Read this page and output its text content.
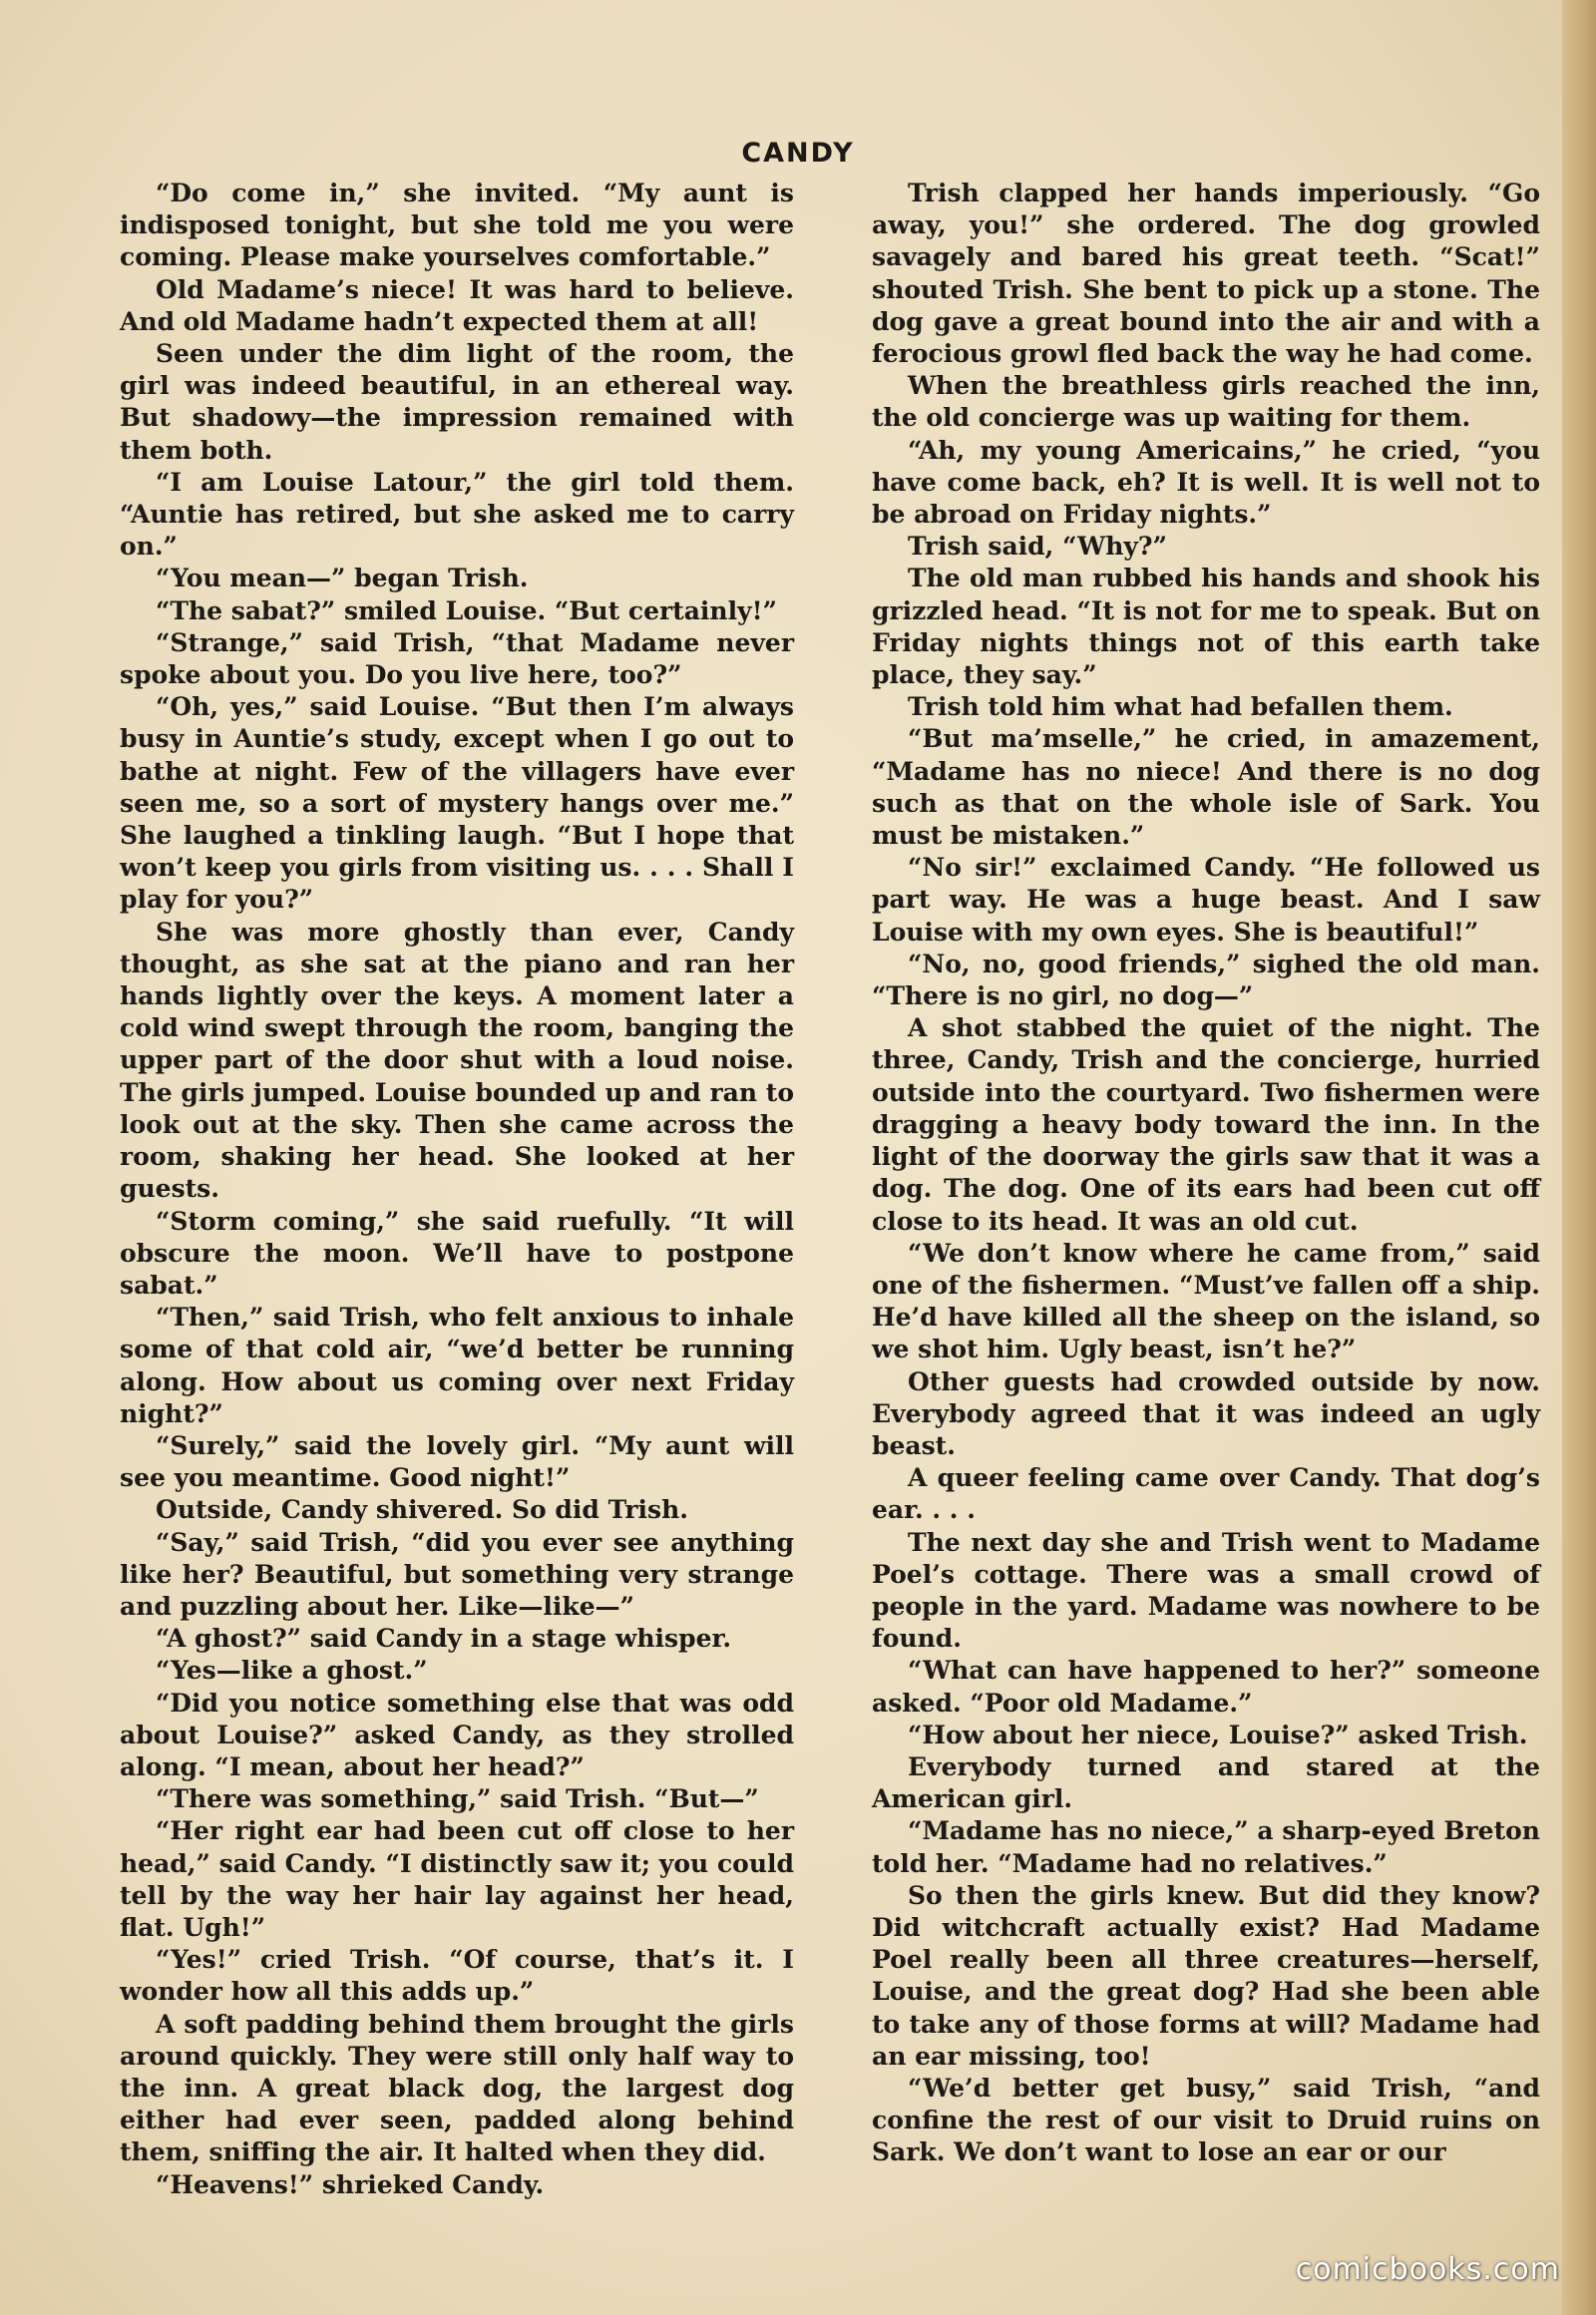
CANDY

“Do come in,” she invited. “My aunt is indisposed tonight, but she told me you were coming. Please make yourselves comfortable.”

Old Madame’s niece! It was hard to believe. And old Madame hadn’t expected them at all!

Seen under the dim light of the room, the girl was indeed beautiful, in an ethereal way. But shadowy—the impression remained with them both.

“I am Louise Latour,” the girl told them. “Auntie has retired, but she asked me to carry on.”

“You mean—” began Trish.

“The sabat?” smiled Louise. “But certainly!”

“Strange,” said Trish, “that Madame never spoke about you. Do you live here, too?”

“Oh, yes,” said Louise. “But then I’m always busy in Auntie’s study, except when I go out to bathe at night. Few of the villagers have ever seen me, so a sort of mystery hangs over me.” She laughed a tinkling laugh. “But I hope that won’t keep you girls from visiting us. . . . Shall I play for you?”

She was more ghostly than ever, Candy thought, as she sat at the piano and ran her hands lightly over the keys. A moment later a cold wind swept through the room, banging the upper part of the door shut with a loud noise. The girls jumped. Louise bounded up and ran to look out at the sky. Then she came across the room, shaking her head. She looked at her guests.

“Storm coming,” she said ruefully. “It will obscure the moon. We’ll have to postpone sabat.”

“Then,” said Trish, who felt anxious to inhale some of that cold air, “we’d better be running along. How about us coming over next Friday night?”

“Surely,” said the lovely girl. “My aunt will see you meantime. Good night!”

Outside, Candy shivered. So did Trish.

“Say,” said Trish, “did you ever see anything like her? Beautiful, but something very strange and puzzling about her. Like—like—”

“A ghost?” said Candy in a stage whisper.

“Yes—like a ghost.”

“Did you notice something else that was odd about Louise?” asked Candy, as they strolled along. “I mean, about her head?”

“There was something,” said Trish. “But—”

“Her right ear had been cut off close to her head,” said Candy. “I distinctly saw it; you could tell by the way her hair lay against her head, flat. Ugh!”

“Yes!” cried Trish. “Of course, that’s it. I wonder how all this adds up.”

A soft padding behind them brought the girls around quickly. They were still only half way to the inn. A great black dog, the largest dog either had ever seen, padded along behind them, sniffing the air. It halted when they did.

“Heavens!” shrieked Candy.

Trish clapped her hands imperiously. “Go away, you!” she ordered. The dog growled savagely and bared his great teeth. “Scat!” shouted Trish. She bent to pick up a stone. The dog gave a great bound into the air and with a ferocious growl fled back the way he had come.

When the breathless girls reached the inn, the old concierge was up waiting for them.

“Ah, my young Americains,” he cried, “you have come back, eh? It is well. It is well not to be abroad on Friday nights.”

Trish said, “Why?”

The old man rubbed his hands and shook his grizzled head. “It is not for me to speak. But on Friday nights things not of this earth take place, they say.”

Trish told him what had befallen them.

“But ma’mselle,” he cried, in amazement, “Madame has no niece! And there is no dog such as that on the whole isle of Sark. You must be mistaken.”

“No sir!” exclaimed Candy. “He followed us part way. He was a huge beast. And I saw Louise with my own eyes. She is beautiful!”

“No, no, good friends,” sighed the old man. “There is no girl, no dog—”

A shot stabbed the quiet of the night. The three, Candy, Trish and the concierge, hurried outside into the courtyard. Two fishermen were dragging a heavy body toward the inn. In the light of the doorway the girls saw that it was a dog. The dog. One of its ears had been cut off close to its head. It was an old cut.

“We don’t know where he came from,” said one of the fishermen. “Must’ve fallen off a ship. He’d have killed all the sheep on the island, so we shot him. Ugly beast, isn’t he?”

Other guests had crowded outside by now. Everybody agreed that it was indeed an ugly beast.

A queer feeling came over Candy. That dog’s ear. . . .

The next day she and Trish went to Madame Poel’s cottage. There was a small crowd of people in the yard. Madame was nowhere to be found.

“What can have happened to her?” someone asked. “Poor old Madame.”

“How about her niece, Louise?” asked Trish.

Everybody turned and stared at the American girl.

“Madame has no niece,” a sharp-eyed Breton told her. “Madame had no relatives.”

So then the girls knew. But did they know? Did witchcraft actually exist? Had Madame Poel really been all three creatures—herself, Louise, and the great dog? Had she been able to take any of those forms at will? Madame had an ear missing, too!

“We’d better get busy,” said Trish, “and confine the rest of our visit to Druid ruins on Sark. We don’t want to lose an ear or our

comicbooks.com
